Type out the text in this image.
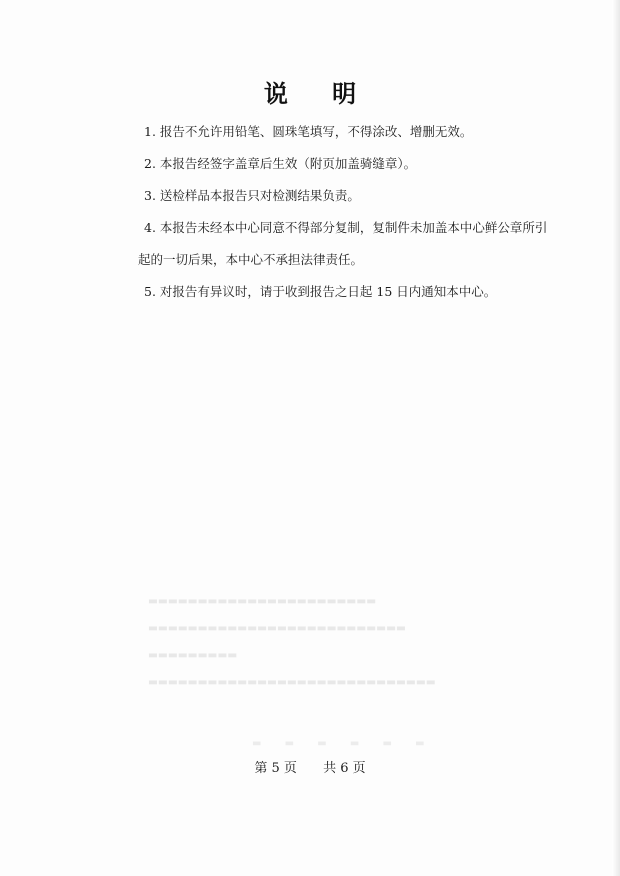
说 明

1. 报告不允许用铅笔、圆珠笔填写，不得涂改、增删无效。

2. 本报告经签字盖章后生效（附页加盖骑缝章）。

3. 送检样品本报告只对检测结果负责。

4. 本报告未经本中心同意不得部分复制，复制件未加盖本中心鲜公章所引

起的一切后果，本中心不承担法律责任。

5. 对报告有异议时，请于收到报告之日起 15 日内通知本中心。

▬▬▬▬▬▬▬▬▬▬▬▬▬▬▬▬▬▬▬▬▬▬▬
▬▬▬▬▬▬▬▬▬▬▬▬▬▬▬▬▬▬▬▬▬▬▬▬▬▬
▬▬▬▬▬▬▬▬▬
▬▬▬▬▬▬▬▬▬▬▬▬▬▬▬▬▬▬▬▬▬▬▬▬▬▬▬▬▬
▬ ▬ ▬ ▬ ▬ ▬
第 5 页 共 6 页
